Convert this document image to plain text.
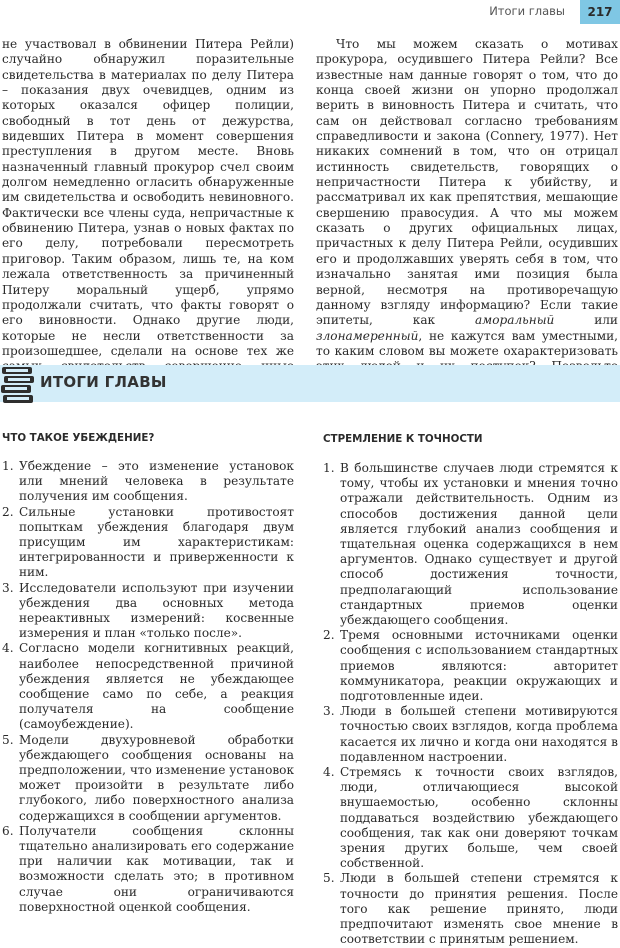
Итоги главы	217

не участвовал в обвинении Питера Рейли) случайно обнаружил поразительные свидетельства в материалах по делу Питера – показания двух очевидцев, одним из которых оказался офицер полиции, свободный в тот день от дежурства, видевших Питера в момент совершения преступления в другом месте. Вновь назначенный главный прокурор счел своим долгом немедленно огласить обнаруженные им свидетельства и освободить невиновного. Фактически все члены суда, непричастные к обвинению Питера, узнав о новых фактах по его делу, потребовали пересмотреть приговор. Таким образом, лишь те, на ком лежала ответственность за причиненный Питеру моральный ущерб, упрямо продолжали считать, что факты говорят о его виновности. Однако другие люди, которые не несли ответственности за произошедшее, сделали на основе тех же

Что мы можем сказать о мотивах прокурора, осудившего Питера Рейли? Все известные нам данные говорят о том, что до конца своей жизни он упорно продолжал верить в виновность Питера и считать, что сам он действовал согласно требованиям справедливости и закона (Connery, 1977). Нет никаких сомнений в том, что он отрицал истинность свидетельств, говорящих о непричастности Питера к убийству, и рассматривал их как препятствия, мешающие свершению правосудия. А что мы можем сказать о других официальных лицах, причастных к делу Питера Рейли, осудивших его и продолжавших уверять себя в том, что изначально занятая ими позиция была верной, несмотря на противоречащую данному взгляду информацию? Если такие эпитеты, как аморальный или злонамеренный, не кажутся вам уместными, то каким словом вы можете охарактеризовать

ИТОГИ ГЛАВЫ
ЧТО ТАКОЕ УБЕЖДЕНИЕ?
1. Убеждение – это изменение установок или мнений человека в результате получения им сообщения.
2. Сильные установки противостоят попыткам убеждения благодаря двум присущим им характеристикам: интегрированности и приверженности к ним.
3. Исследователи используют при изучении убеждения два основных метода нереактивных измерений: косвенные измерения и план «только после».
4. Согласно модели когнитивных реакций, наиболее непосредственной причиной убеждения является не убеждающее сообщение само по себе, а реакция получателя на сообщение (самоубеждение).
5. Модели двухуровневой обработки убеждающего сообщения основаны на предположении, что изменение установок может произойти в результате либо глубокого, либо поверхностного анализа содержащихся в сообщении аргументов.
6. Получатели сообщения склонны тщательно анализировать его содержание при наличии как мотивации, так и возможности сделать это; в противном случае они ограничиваются поверхностной оценкой сообщения.
СТРЕМЛЕНИЕ К ТОЧНОСТИ
1. В большинстве случаев люди стремятся к тому, чтобы их установки и мнения точно отражали действительность. Одним из способов достижения данной цели является глубокий анализ сообщения и тщательная оценка содержащихся в нем аргументов. Однако существует и другой способ достижения точности, предполагающий использование стандартных приемов оценки убеждающего сообщения.
2. Тремя основными источниками оценки сообщения с использованием стандартных приемов являются: авторитет коммуникатора, реакции окружающих и подготовленные идеи.
3. Люди в большей степени мотивируются точностью своих взглядов, когда проблема касается их лично и когда они находятся в подавленном настроении.
4. Стремясь к точности своих взглядов, люди, отличающиеся высокой внушаемостью, особенно склонны поддаваться воздействию убеждающего сообщения, так как они доверяют точкам зрения других больше, чем своей собственной.
5. Люди в большей степени стремятся к точности до принятия решения. После того как решение принято, люди предпочитают изменять свое мнение в соответствии с принятым решением.
